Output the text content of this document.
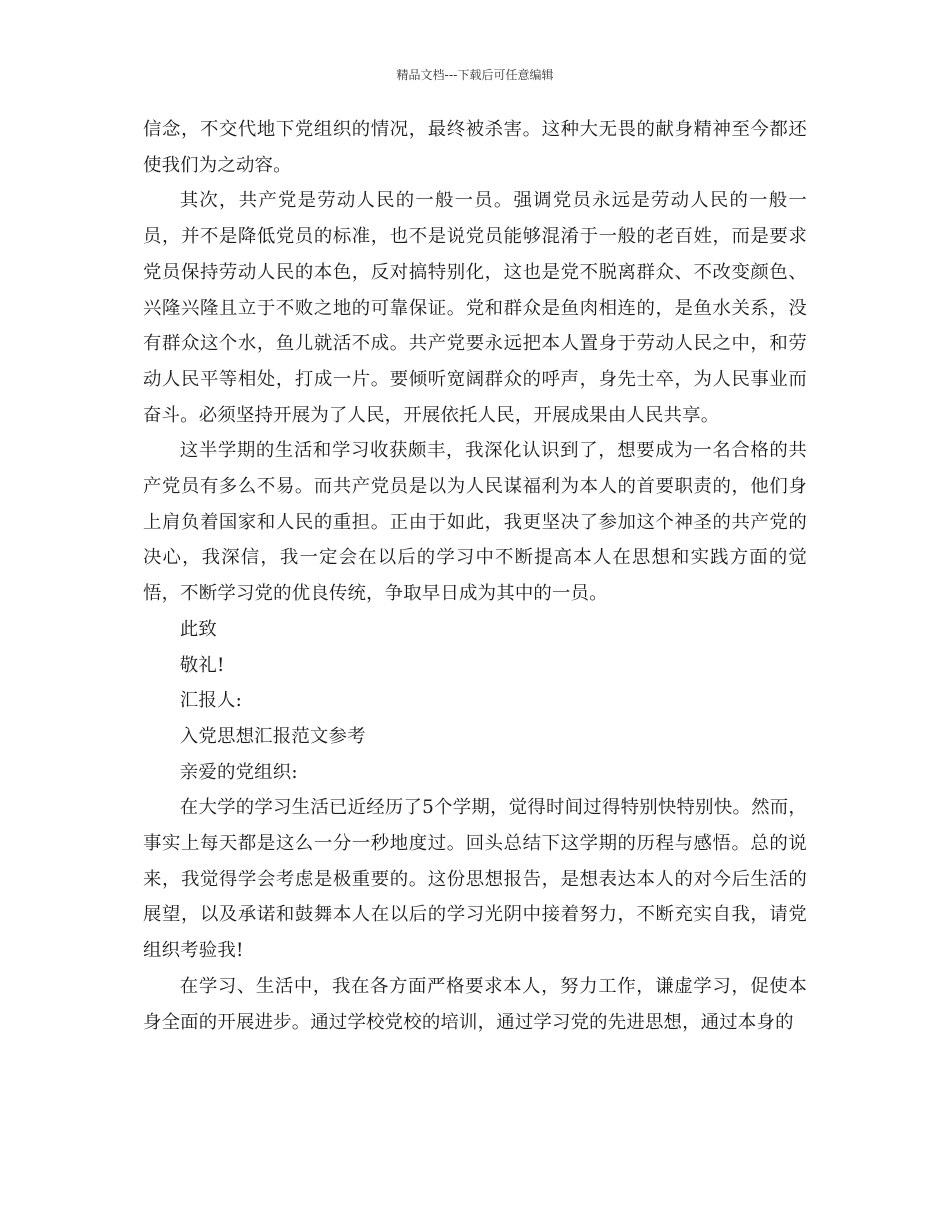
精品文档---下载后可任意编辑

信念，不交代地下党组织的情况，最终被杀害。这种大无畏的献身精神至今都还使我们为之动容。

其次，共产党是劳动人民的一般一员。强调党员永远是劳动人民的一般一员，并不是降低党员的标准，也不是说党员能够混淆于一般的老百姓，而是要求党员保持劳动人民的本色，反对搞特别化，这也是党不脱离群众、不改变颜色、兴隆兴隆且立于不败之地的可靠保证。党和群众是鱼肉相连的，是鱼水关系，没有群众这个水，鱼儿就活不成。共产党要永远把本人置身于劳动人民之中，和劳动人民平等相处，打成一片。要倾听宽阔群众的呼声，身先士卒，为人民事业而奋斗。必须坚持开展为了人民，开展依托人民，开展成果由人民共享。

这半学期的生活和学习收获颇丰，我深化认识到了，想要成为一名合格的共产党员有多么不易。而共产党员是以为人民谋福利为本人的首要职责的，他们身上肩负着国家和人民的重担。正由于如此，我更坚决了参加这个神圣的共产党的决心，我深信，我一定会在以后的学习中不断提高本人在思想和实践方面的觉悟，不断学习党的优良传统，争取早日成为其中的一员。

此致

敬礼!

汇报人:

入党思想汇报范文参考

亲爱的党组织:

在大学的学习生活已近经历了5个学期，觉得时间过得特别快特别快。然而，事实上每天都是这么一分一秒地度过。回头总结下这学期的历程与感悟。总的说来，我觉得学会考虑是极重要的。这份思想报告，是想表达本人的对今后生活的展望，以及承诺和鼓舞本人在以后的学习光阴中接着努力，不断充实自我，请党组织考验我!

在学习、生活中，我在各方面严格要求本人，努力工作，谦虚学习，促使本身全面的开展进步。通过学校党校的培训，通过学习党的先进思想，通过本身的
